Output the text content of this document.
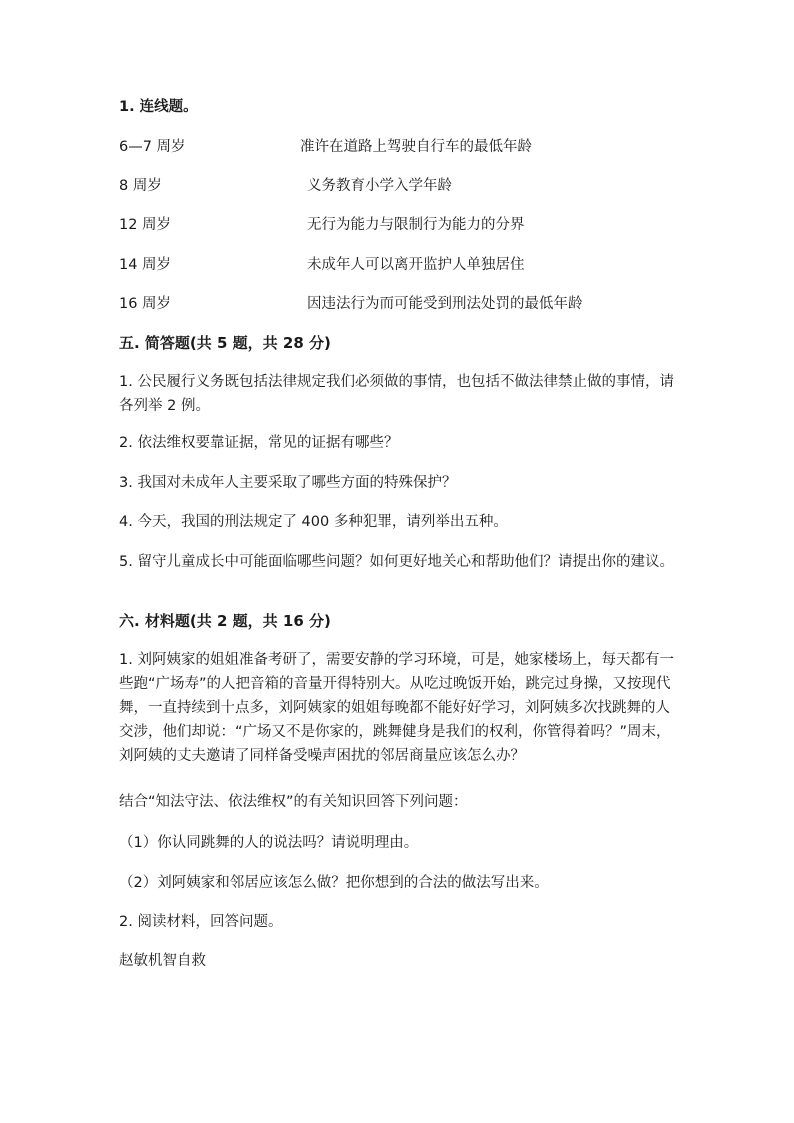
1. 连线题。
6—7 周岁	准许在道路上驾驶自行车的最低年龄
8 周岁	义务教育小学入学年龄
12 周岁	无行为能力与限制行为能力的分界
14 周岁	未成年人可以离开监护人单独居住
16 周岁	因违法行为而可能受到刑法处罚的最低年龄
五. 简答题(共 5 题，共 28 分)
1. 公民履行义务既包括法律规定我们必须做的事情，也包括不做法律禁止做的事情，请各列举 2 例。
2. 依法维权要靠证据，常见的证据有哪些？
3. 我国对未成年人主要采取了哪些方面的特殊保护？
4. 今天，我国的刑法规定了 400 多种犯罪，请列举出五种。
5. 留守儿童成长中可能面临哪些问题？如何更好地关心和帮助他们？请提出你的建议。
六. 材料题(共 2 题，共 16 分)
1. 刘阿姨家的姐姐准备考研了，需要安静的学习环境，可是，她家楼场上，每天都有一些跑“广场寿”的人把音箱的音量开得特别大。从吃过晚饭开始，跳完过身操，又按现代舞，一直持续到十点多，刘阿姨家的姐姐每晚都不能好好学习，刘阿姨多次找跳舞的人交涉，他们却说：“广场又不是你家的，跳舞健身是我们的权利，你管得着吗？”周末，刘阿姨的丈夫邀请了同样备受噪声困扰的邻居商量应该怎么办？
结合“知法守法、依法维权”的有关知识回答下列问题：
（1）你认同跳舞的人的说法吗？请说明理由。
（2）刘阿姨家和邻居应该怎么做？把你想到的合法的做法写出来。
2. 阅读材料，回答问题。
赵敏机智自救
